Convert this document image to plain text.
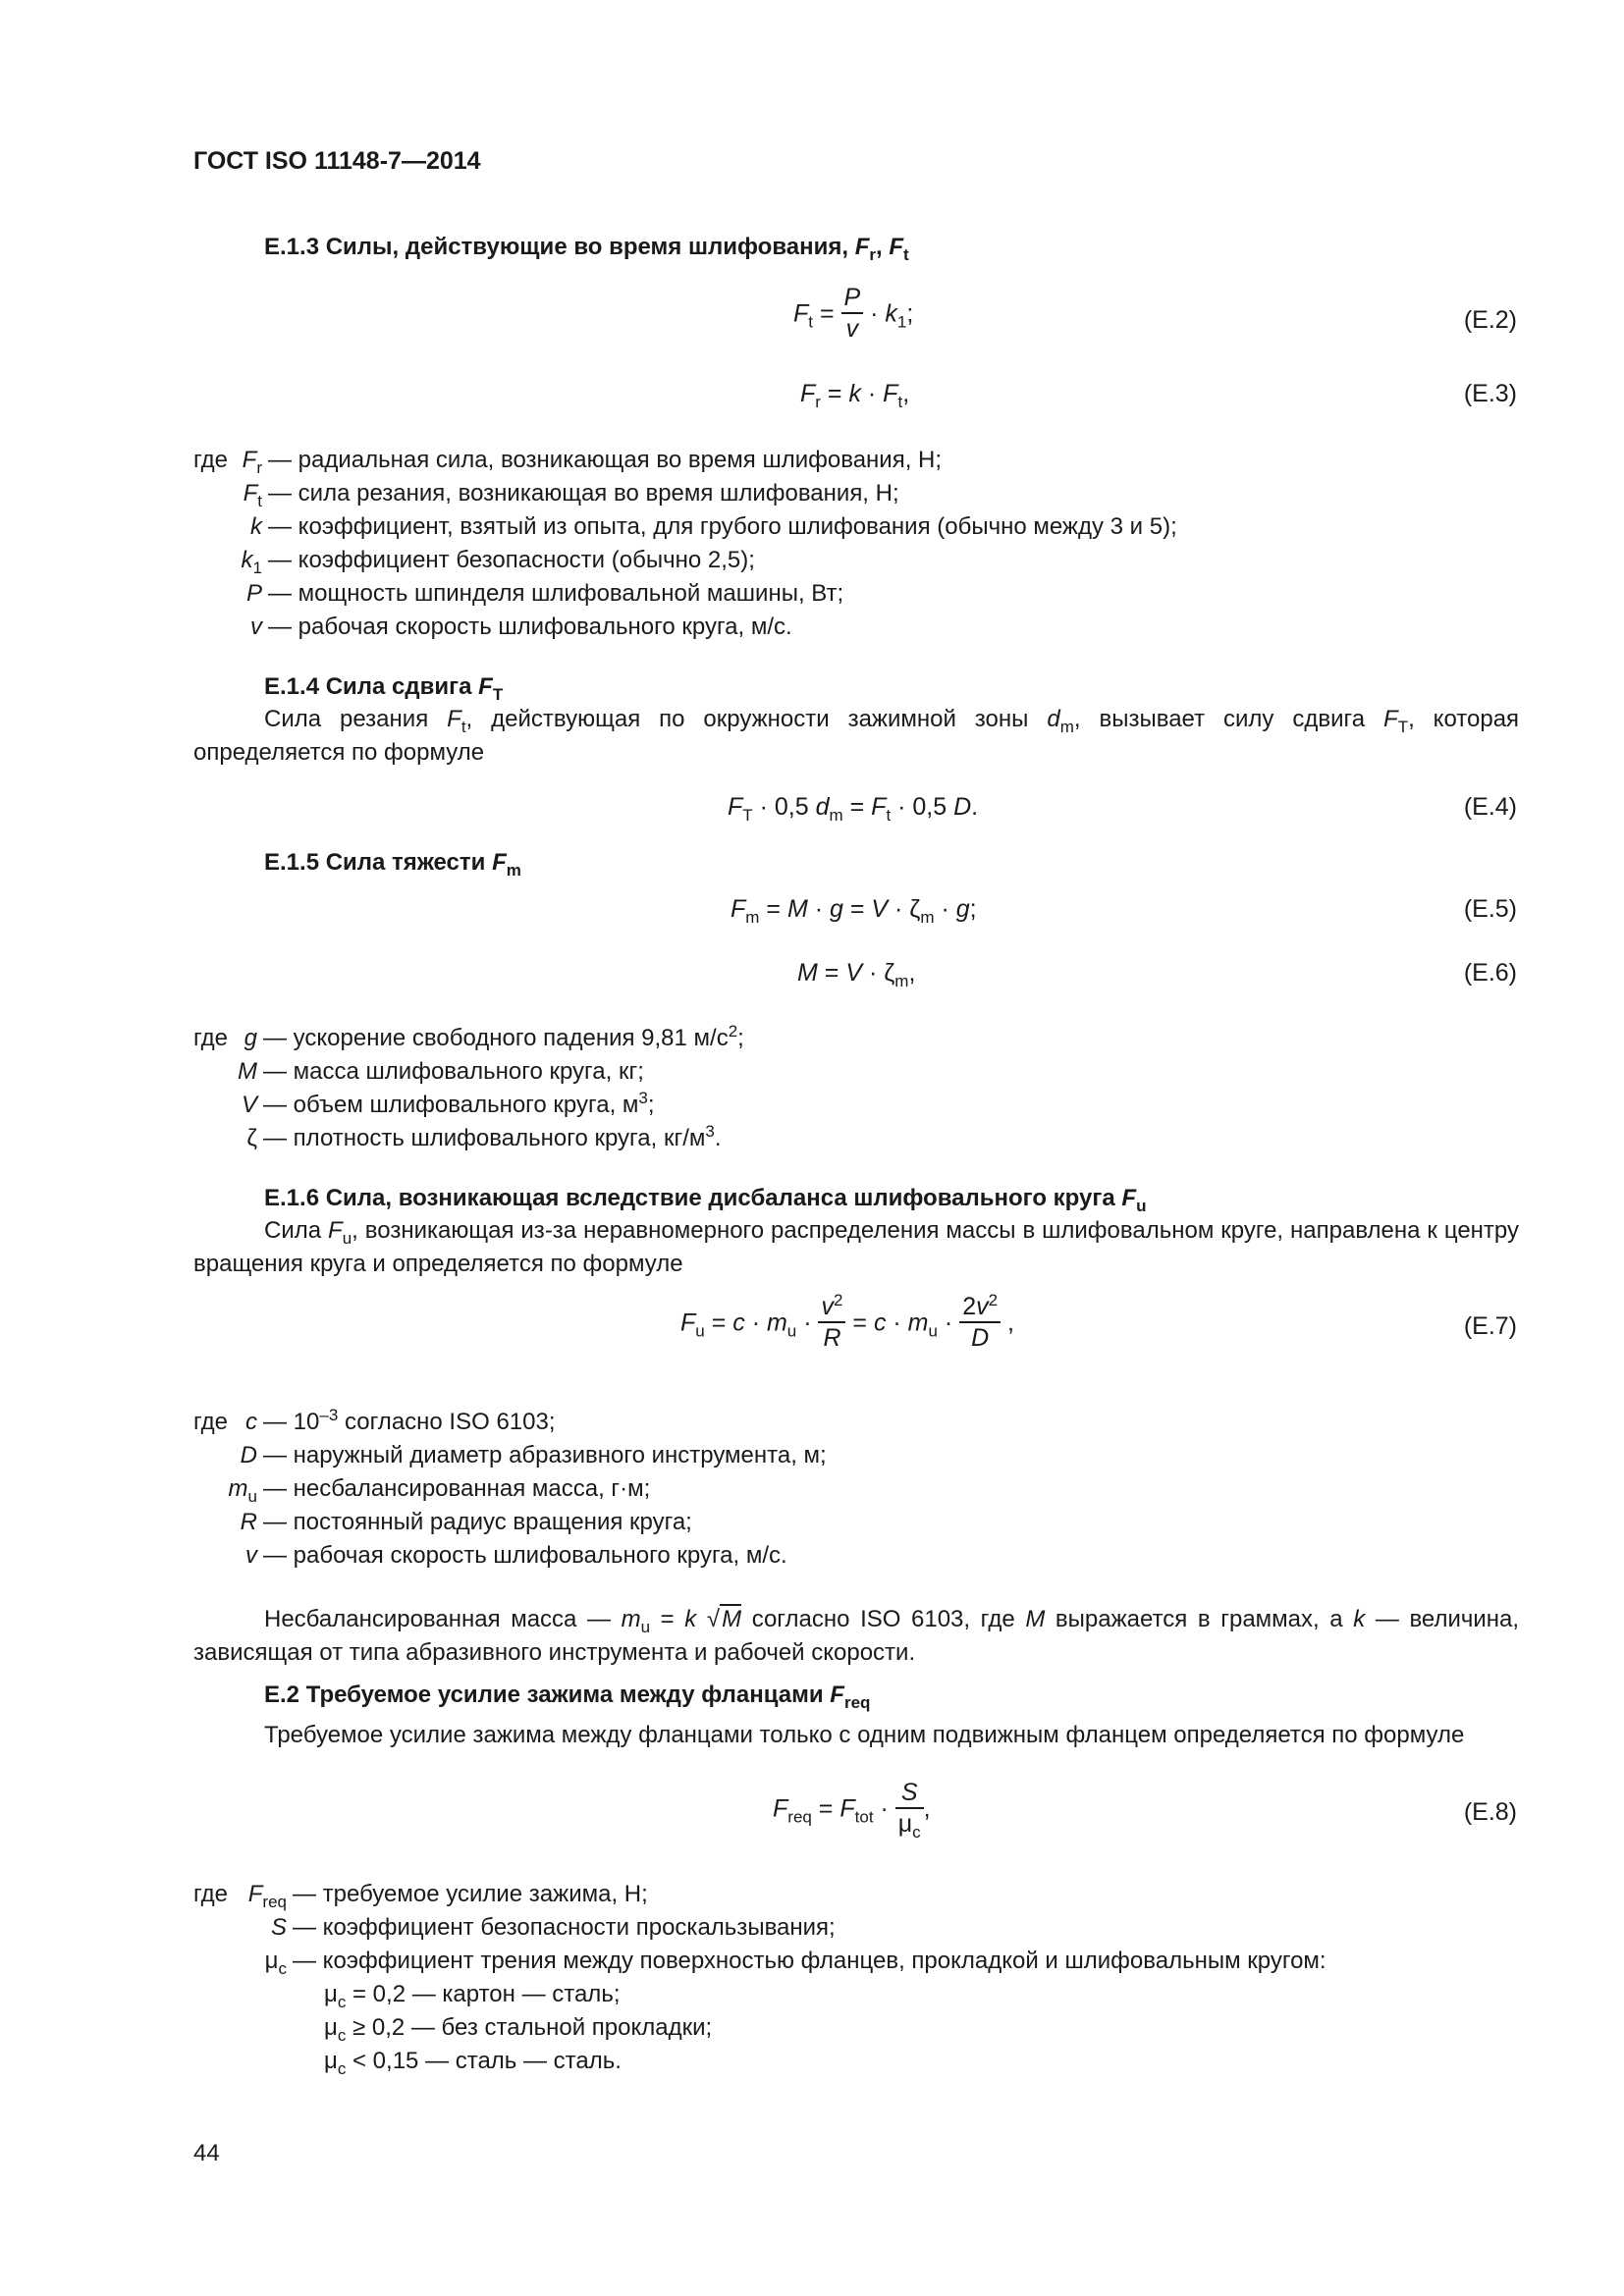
ГОСТ ISO 11148-7—2014
Е.1.3 Силы, действующие во время шлифования, $F_r$, $F_t$
$F_t = \frac{P}{v} \cdot k_1$;	(E.2)
$F_r = k \cdot F_t$,	(E.3)
где $F_r$ — радиальная сила, возникающая во время шлифования, Н;
$F_t$ — сила резания, возникающая во время шлифования, Н;
k — коэффициент, взятый из опыта, для грубого шлифования (обычно между 3 и 5);
$k_1$ — коэффициент безопасности (обычно 2,5);
P — мощность шпинделя шлифовальной машины, Вт;
v — рабочая скорость шлифовального круга, м/с.
Е.1.4 Сила сдвига $F_T$
Сила резания $F_t$, действующая по окружности зажимной зоны $d_m$, вызывает силу сдвига $F_T$, которая определяется по формуле
$F_T \cdot 0,5$ $d_m = F_t \cdot 0,5$ D.	(E.4)
Е.1.5 Сила тяжести $F_m$
$F_m = M \cdot g = V \cdot \zeta_m \cdot g$;	(E.5)
$M = V \cdot \zeta_m$,	(E.6)
где g — ускорение свободного падения 9,81 $м/с^2$;
M — масса шлифовального круга, кг;
V — объем шлифовального круга, $м^3$;
ζ — плотность шлифовального круга, $кг/м^3$.
Е.1.6 Сила, возникающая вследствие дисбаланса шлифовального круга $F_u$
Сила $F_u$, возникающая из-за неравномерного распределения массы в шлифовальном круге, направлена к центру вращения круга и определяется по формуле
$F_u = c \cdot m_u \cdot \frac{v^2}{R} = c \cdot m_u \cdot \frac{2v^2}{D}$ ,	(E.7)
где c — $10^{-3}$ согласно ISO 6103;
D — наружный диаметр абразивного инструмента, м;
$m_u$ — несбалансированная масса, г·м;
R — постоянный радиус вращения круга;
v — рабочая скорость шлифовального круга, м/с.
Несбалансированная масса — $m_u = k$ √M согласно ISO 6103, где M выражается в граммах, а k — величина, зависящая от типа абразивного инструмента и рабочей скорости.
Е.2 Требуемое усилие зажима между фланцами $F_{req}$
Требуемое усилие зажима между фланцами только с одним подвижным фланцем определяется по формуле
$F_{req} = F_{tot} \cdot \frac{S}{\mu_c}$ ,	(E.8)
где $F_{req}$ — требуемое усилие зажима, Н;
S — коэффициент безопасности проскальзывания;
$\mu_c$ — коэффициент трения между поверхностью фланцев, прокладкой и шлифовальным кругом:
$\mu_c = 0,2$ — картон — сталь;
$\mu_c \ge 0,2$ — без стальной прокладки;
$\mu_c < 0,15$ — сталь — сталь.
44
